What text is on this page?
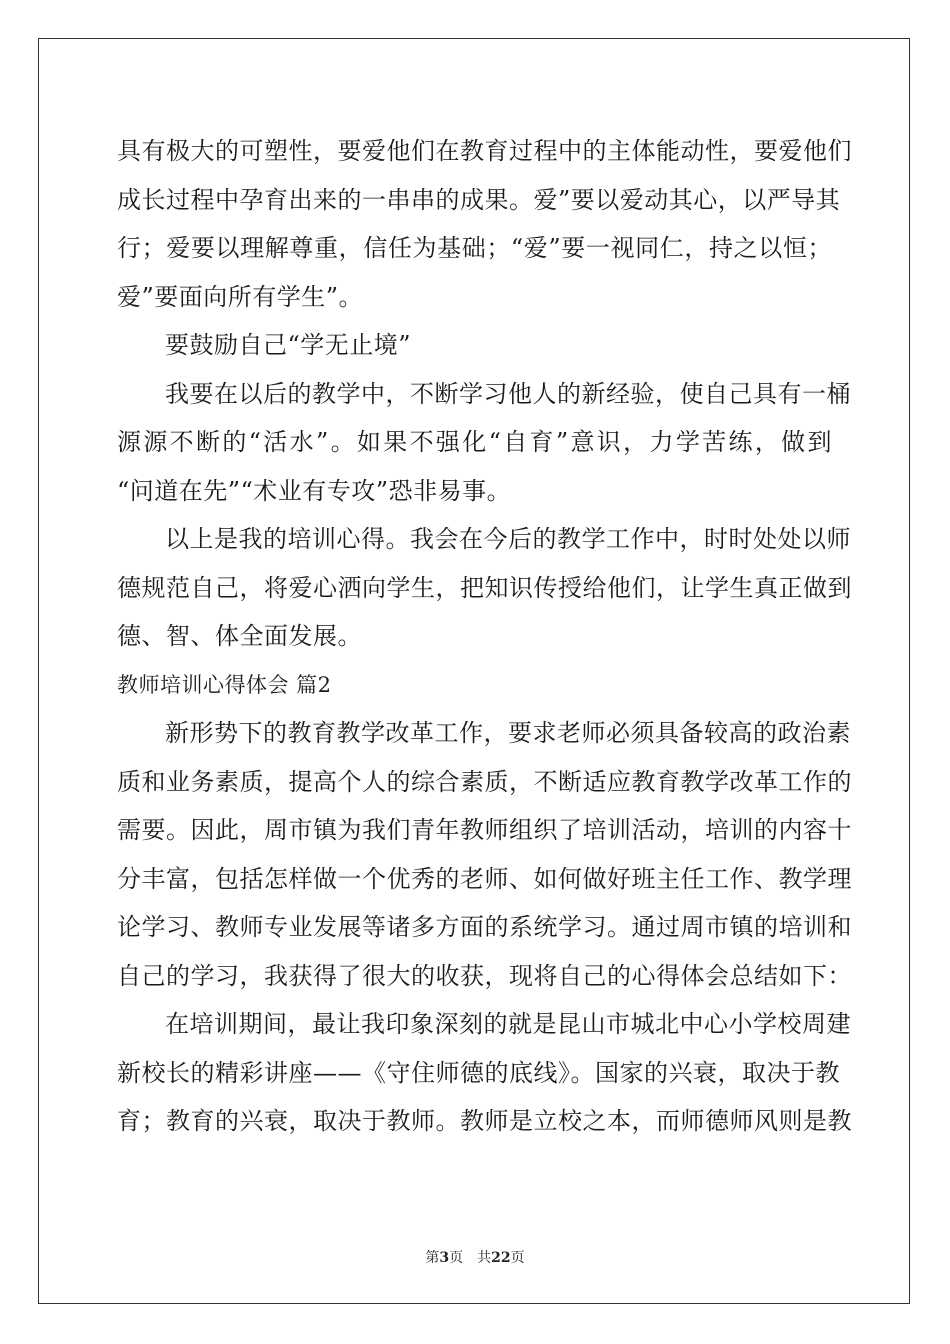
具有极大的可塑性，要爱他们在教育过程中的主体能动性，要爱他们
成长过程中孕育出来的一串串的成果。爱”要以爱动其心，以严导其
行；爱要以理解尊重，信任为基础；“爱”要一视同仁，持之以恒；
爱”要面向所有学生”。
要鼓励自己“学无止境”
我要在以后的教学中，不断学习他人的新经验，使自己具有一桶
源源不断的“活水”。如果不强化“自育”意识，力学苦练，做到
“问道在先”“术业有专攻”恐非易事。
以上是我的培训心得。我会在今后的教学工作中，时时处处以师
德规范自己，将爱心洒向学生，把知识传授给他们，让学生真正做到
德、智、体全面发展。
教师培训心得体会 篇2
新形势下的教育教学改革工作，要求老师必须具备较高的政治素
质和业务素质，提高个人的综合素质，不断适应教育教学改革工作的
需要。因此，周市镇为我们青年教师组织了培训活动，培训的内容十
分丰富，包括怎样做一个优秀的老师、如何做好班主任工作、教学理
论学习、教师专业发展等诸多方面的系统学习。通过周市镇的培训和
自己的学习，我获得了很大的收获，现将自己的心得体会总结如下：
在培训期间，最让我印象深刻的就是昆山市城北中心小学校周建
新校长的精彩讲座——《守住师德的底线》。国家的兴衰，取决于教
育；教育的兴衰，取决于教师。教师是立校之本，而师德师风则是教
第3页　共22页
